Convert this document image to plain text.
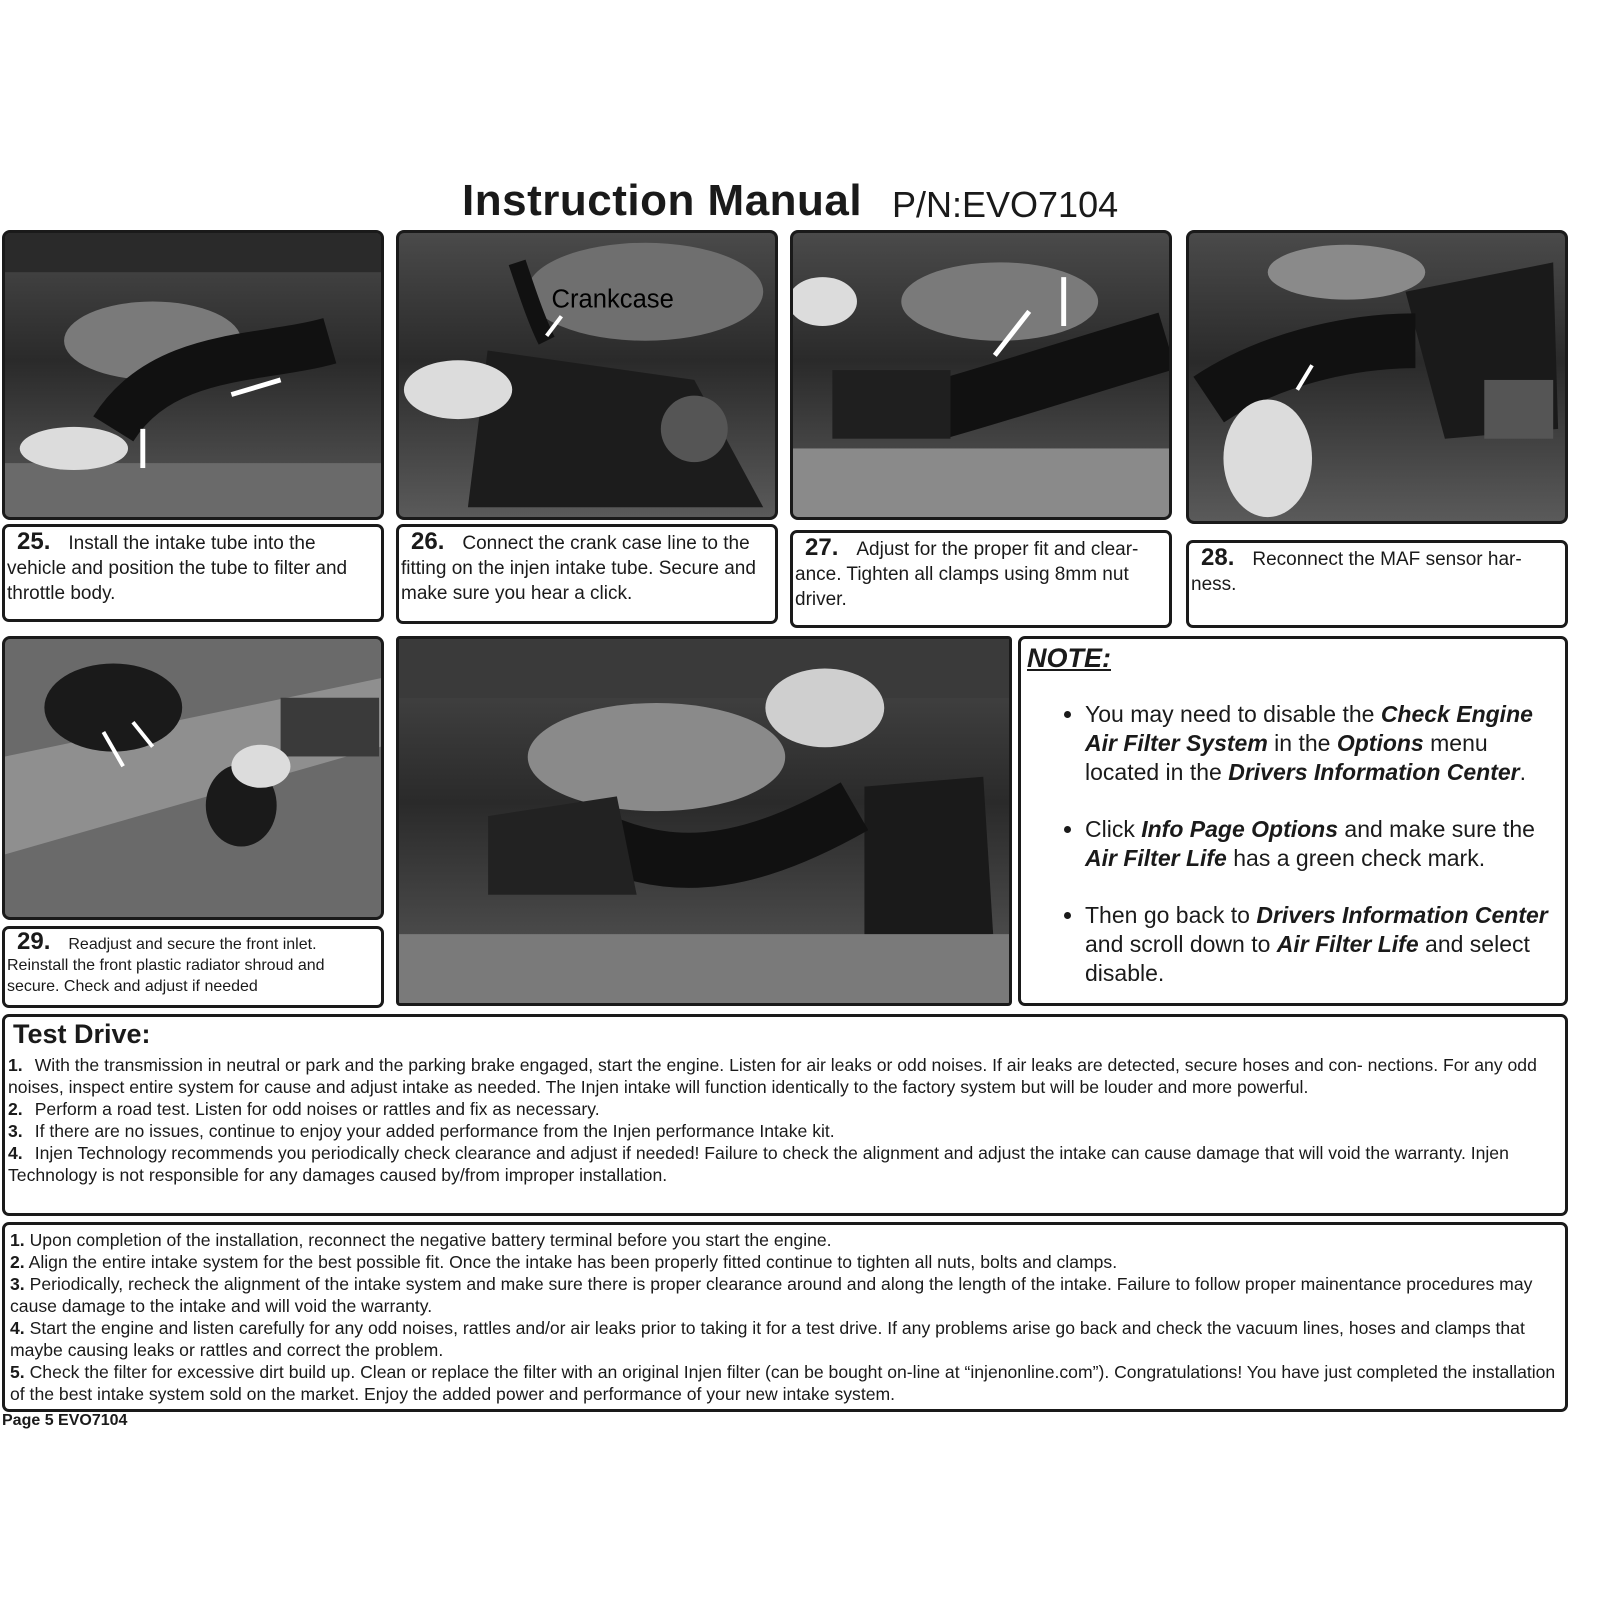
Instruction Manual P/N:EVO7104
Crankcase
25. Install the intake tube into the vehicle and position the tube to filter and throttle body.
26. Connect the crank case line to the fitting on the injen intake tube. Secure and make sure you hear a click.
27. Adjust for the proper fit and clear- ance. Tighten all clamps using 8mm nut driver.
28. Reconnect the MAF sensor har- ness.
29. Readjust and secure the front inlet. Reinstall the front plastic radiator shroud and secure. Check and adjust if needed
NOTE:
• You may need to disable the Check Engine Air Filter System in the Options menu located in the Drivers Information Center.
• Click Info Page Options and make sure the Air Filter Life has a green check mark.
• Then go back to Drivers Information Center and scroll down to Air Filter Life and select disable.
Test Drive:
1. With the transmission in neutral or park and the parking brake engaged, start the engine. Listen for air leaks or odd noises. If air leaks are detected, secure hoses and con- nections. For any odd noises, inspect entire system for cause and adjust intake as needed. The Injen intake will function identically to the factory system but will be louder and more powerful.
2. Perform a road test. Listen for odd noises or rattles and fix as necessary.
3. If there are no issues, continue to enjoy your added performance from the Injen performance Intake kit.
4. Injen Technology recommends you periodically check clearance and adjust if needed! Failure to check the alignment and adjust the intake can cause damage that will void the warranty. Injen Technology is not responsible for any damages caused by/from improper installation.
1. Upon completion of the installation, reconnect the negative battery terminal before you start the engine.
2. Align the entire intake system for the best possible fit. Once the intake has been properly fitted continue to tighten all nuts, bolts and clamps.
3. Periodically, recheck the alignment of the intake system and make sure there is proper clearance around and along the length of the intake. Failure to follow proper mainentance procedures may cause damage to the intake and will void the warranty.
4. Start the engine and listen carefully for any odd noises, rattles and/or air leaks prior to taking it for a test drive. If any problems arise go back and check the vacuum lines, hoses and clamps that maybe causing leaks or rattles and correct the problem.
5. Check the filter for excessive dirt build up. Clean or replace the filter with an original Injen filter (can be bought on-line at “injenonline.com”). Congratulations! You have just completed the installation of the best intake system sold on the market. Enjoy the added power and performance of your new intake system.
Page 5 EVO7104
